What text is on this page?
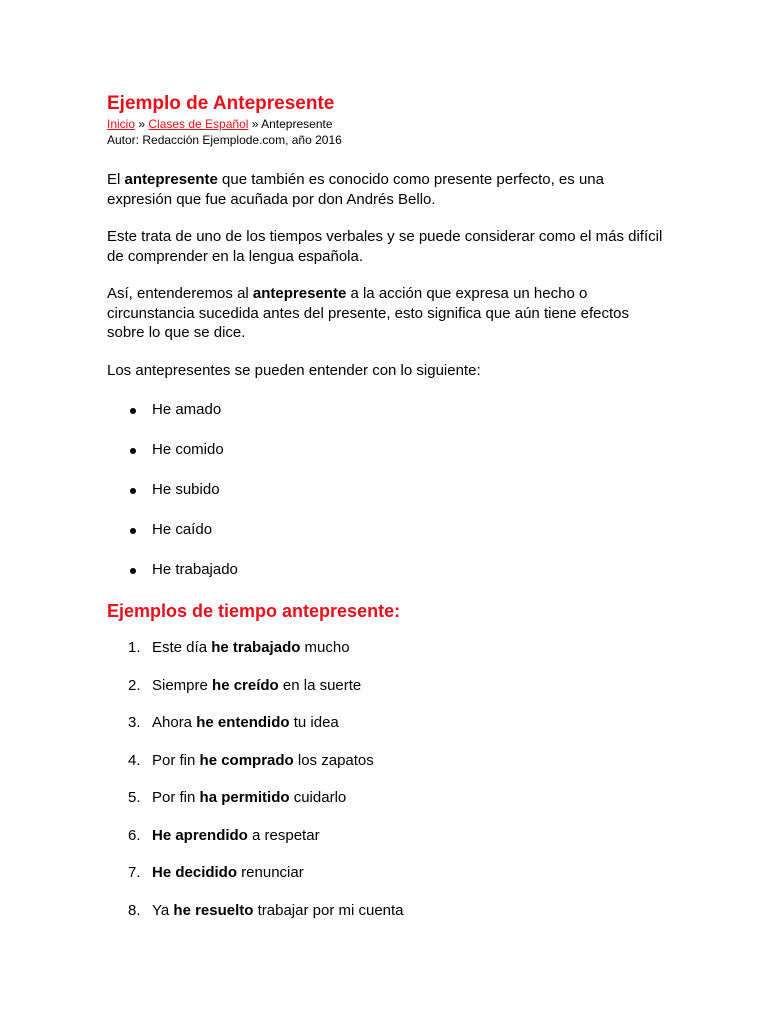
Ejemplo de Antepresente

Inicio » Clases de Español » Antepresente

Autor: Redacción Ejemplode.com, año 2016

El antepresente que también es conocido como presente perfecto, es una expresión que fue acuñada por don Andrés Bello.

Este trata de uno de los tiempos verbales y se puede considerar como el más difícil de comprender en la lengua española.

Así, entenderemos al antepresente a la acción que expresa un hecho o circunstancia sucedida antes del presente, esto significa que aún tiene efectos sobre lo que se dice.

Los antepresentes se pueden entender con lo siguiente:

He amado
He comido
He subido
He caído
He trabajado
Ejemplos de tiempo antepresente:
1. Este día he trabajado mucho
2. Siempre he creído en la suerte
3. Ahora he entendido tu idea
4. Por fin he comprado los zapatos
5. Por fin ha permitido cuidarlo
6. He aprendido a respetar
7. He decidido renunciar
8. Ya he resuelto trabajar por mi cuenta
